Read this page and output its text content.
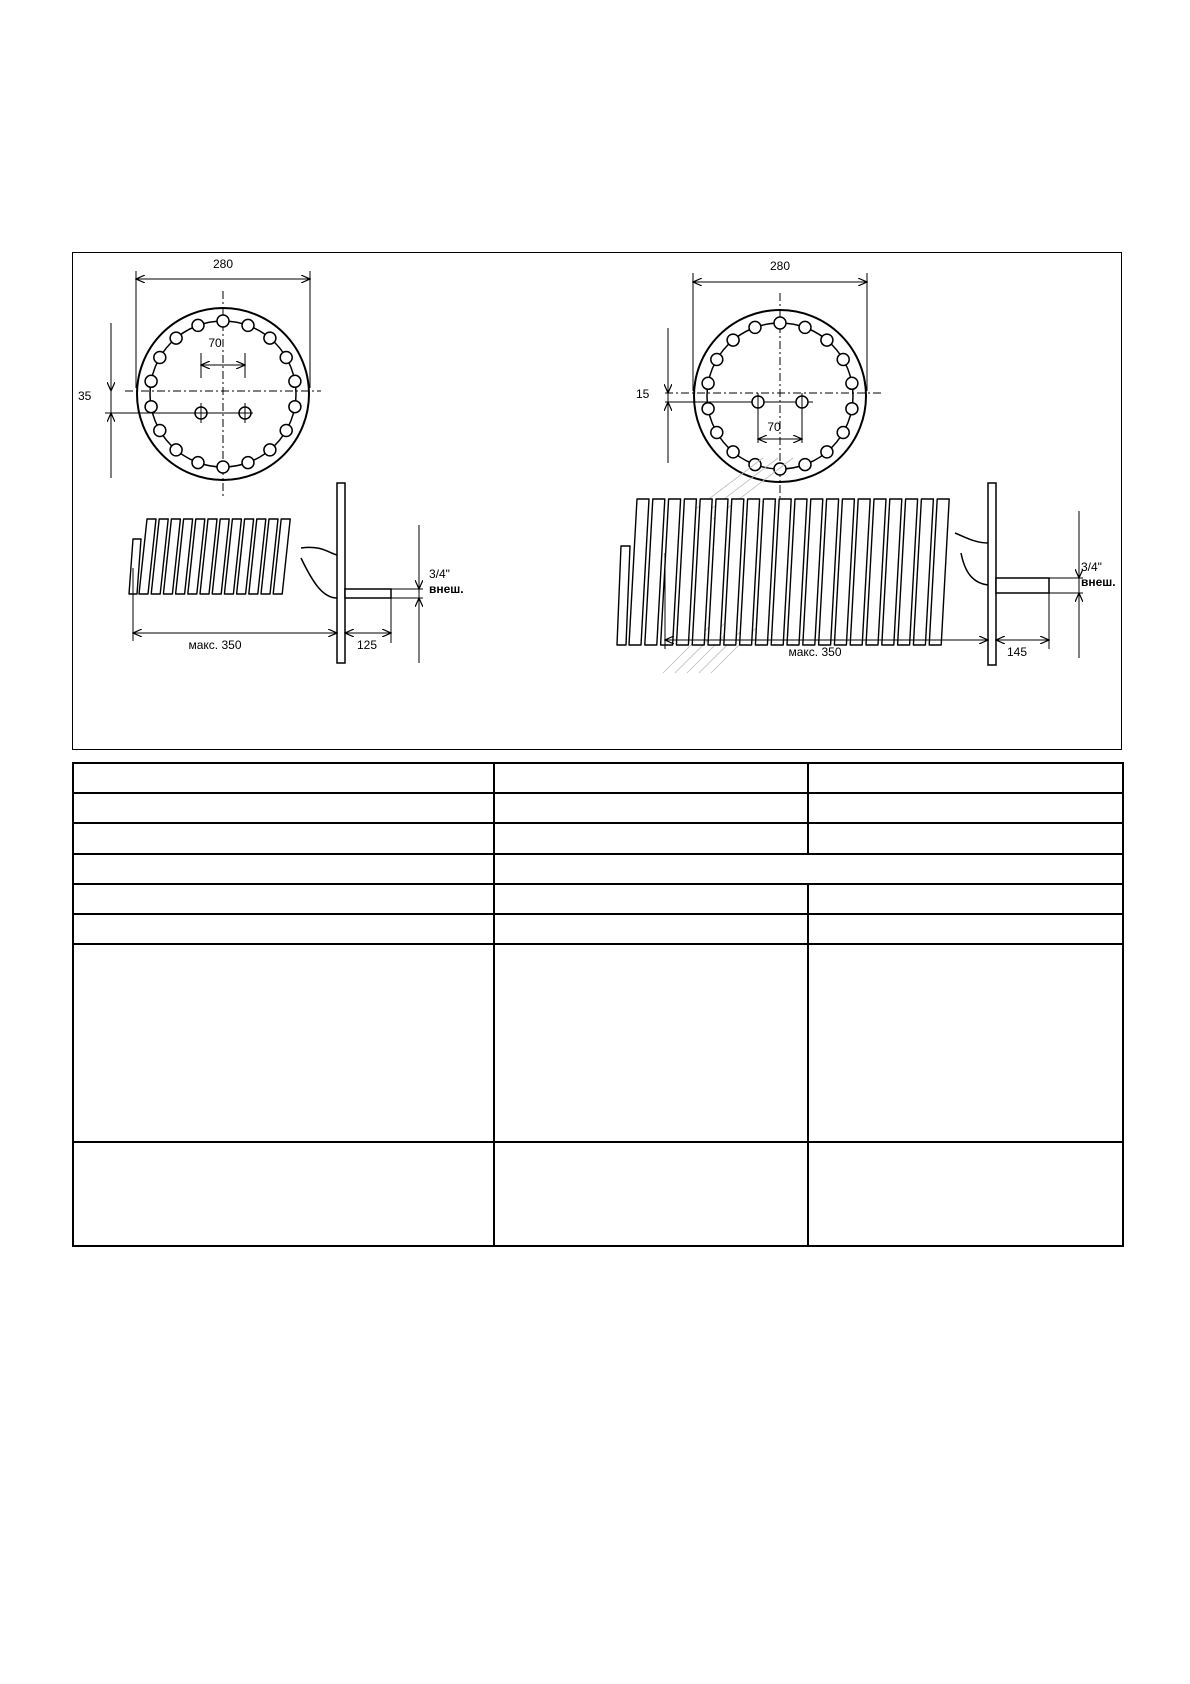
280
70
35
макс. 350	125
3/4"
внеш.
280
70
15
макс. 350	145
3/4"
внеш.
